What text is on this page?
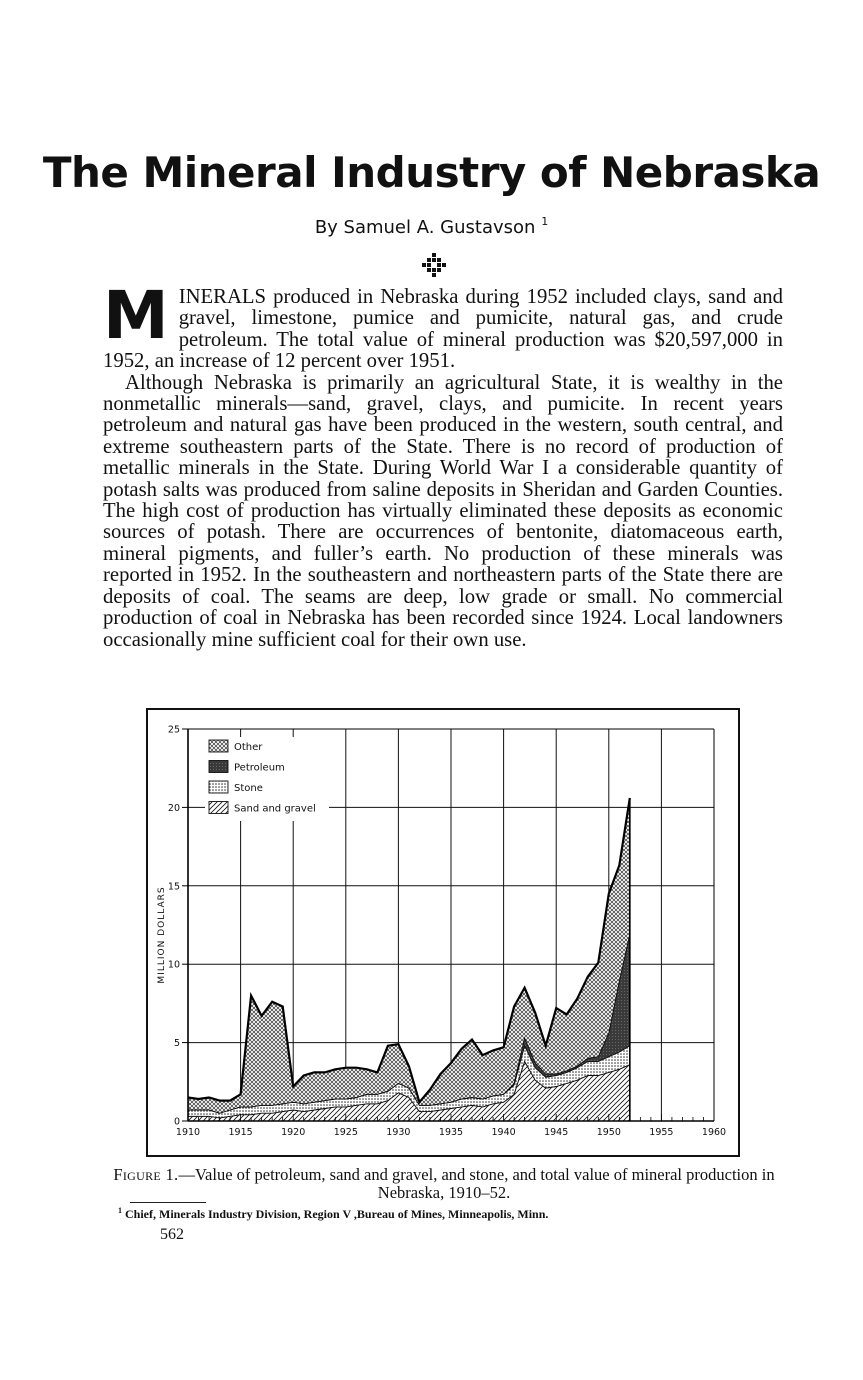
The Mineral Industry of Nebraska
By Samuel A. Gustavson $^1$

MINERALS produced in Nebraska during 1952 included clays, sand and gravel, limestone, pumice and pumicite, natural gas, and crude petroleum. The total value of mineral production was $20,597,000 in 1952, an increase of 12 percent over 1951.

Although Nebraska is primarily an agricultural State, it is wealthy in the nonmetallic minerals—sand, gravel, clays, and pumicite. In recent years petroleum and natural gas have been produced in the western, south central, and extreme southeastern parts of the State. There is no record of production of metallic minerals in the State. During World War I a considerable quantity of potash salts was produced from saline deposits in Sheridan and Garden Counties. The high cost of production has virtually eliminated these deposits as economic sources of potash. There are occurrences of bentonite, diatomaceous earth, mineral pigments, and fuller’s earth. No production of these minerals was reported in 1952. In the southeastern and northeastern parts of the State there are deposits of coal. The seams are deep, low grade or small. No commercial production of coal in Nebraska has been recorded since 1924. Local landowners occasionally mine sufficient coal for their own use.

1910	1915	1920	1925	1930	1935	1940	1945	1950	1955	1960
0
5
10
15
20
25
Other
Petroleum
Stone
Sand and gravel
MILLION DOLLARS
Figure 1.—Value of petroleum, sand and gravel, and stone, and total value of mineral production in Nebraska, 1910–52.
$^1$ Chief, Minerals Industry Division, Region V ,Bureau of Mines, Minneapolis, Minn.
562
